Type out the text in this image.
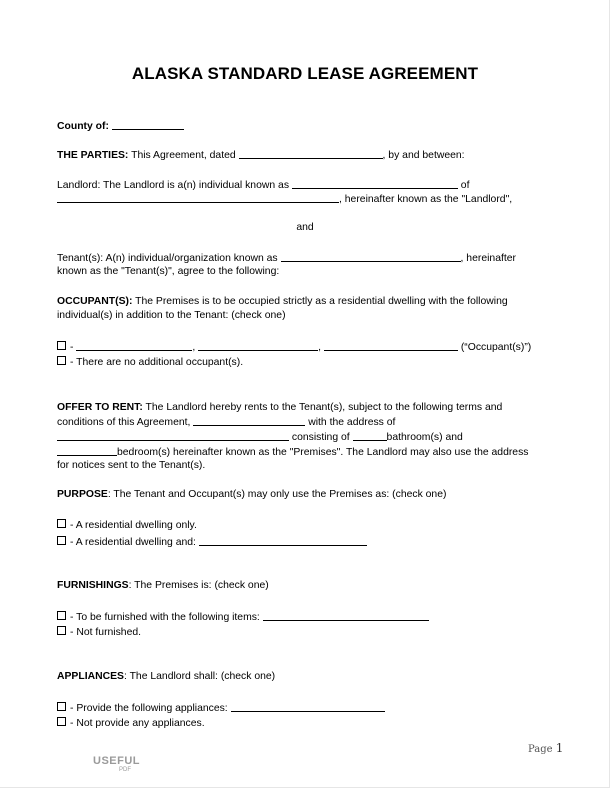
ALASKA STANDARD LEASE AGREEMENT
County of:
THE PARTIES: This Agreement, dated	, by and between:
Landlord: The Landlord is a(n) individual known as	of
, hereinafter known as the "Landlord",
and
Tenant(s): A(n) individual/organization known as	, hereinafter
known as the "Tenant(s)", agree to the following:
OCCUPANT(S): The Premises is to be occupied strictly as a residential dwelling with the following
individual(s) in addition to the Tenant: (check one)
-	,	,	(“Occupant(s)”)
- There are no additional occupant(s).
OFFER TO RENT: The Landlord hereby rents to the Tenant(s), subject to the following terms and
conditions of this Agreement,	with the address of
consisting of	bathroom(s) and
bedroom(s) hereinafter known as the "Premises". The Landlord may also use the address
for notices sent to the Tenant(s).
PURPOSE: The Tenant and Occupant(s) may only use the Premises as: (check one)
- A residential dwelling only.
- A residential dwelling and:
FURNISHINGS: The Premises is: (check one)
- To be furnished with the following items:
- Not furnished.
APPLIANCES: The Landlord shall: (check one)
- Provide the following appliances:
- Not provide any appliances.
Page 1
USEFUL
PDF
